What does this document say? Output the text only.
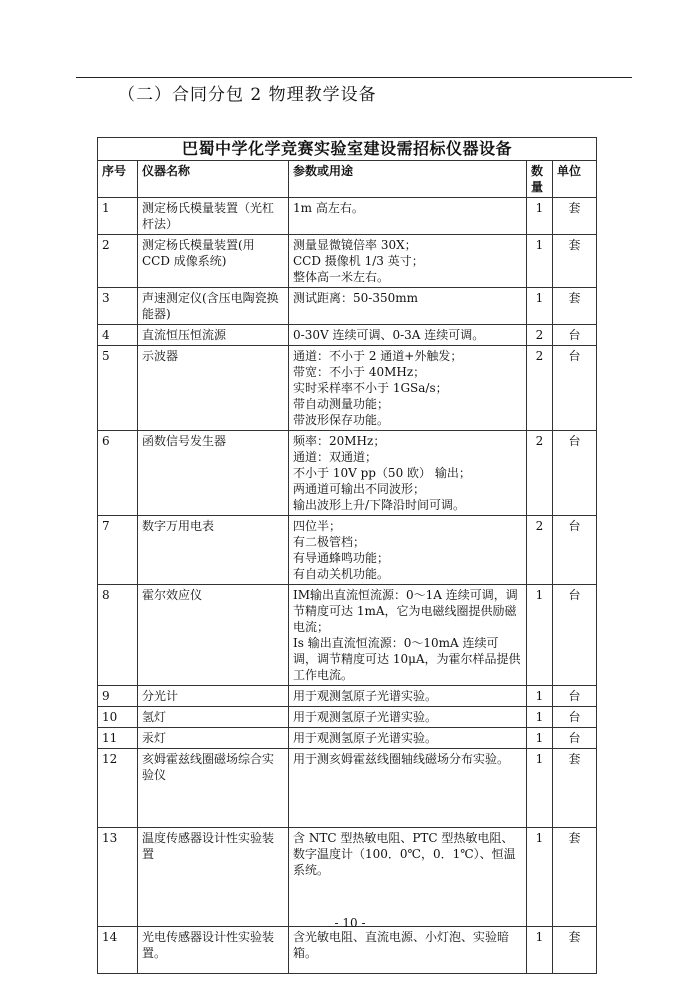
（二）合同分包 2 物理教学设备
巴蜀中学化学竞赛实验室建设需招标仪器设备				
序号	仪器名称	参数或用途	数量	单位
1	测定杨氏模量装置（光杠杆法）	1m 高左右。	1	套
2	测定杨氏模量装置(用 CCD 成像系统)	测量显微镜倍率 30X；
CCD 摄像机 1/3 英寸；
整体高一米左右。	1	套
3	声速测定仪(含压电陶瓷换能器)	测试距离：50-350mm	1	套
4	直流恒压恒流源	0-30V 连续可调、0-3A 连续可调。	2	台
5	示波器	通道：不小于 2 通道+外触发；
带宽：不小于 40MHz；
实时采样率不小于 1GSa/s；
带自动测量功能；
带波形保存功能。	2	台
6	函数信号发生器	频率：20MHz；
通道：双通道；
不小于 10V pp（50 欧） 输出；
两通道可输出不同波形；
输出波形上升/下降沿时间可调。	2	台
7	数字万用电表	四位半；
有二极管档；
有导通蜂鸣功能；
有自动关机功能。	2	台
8	霍尔效应仪	IM输出直流恒流源：0～1A 连续可调，调节精度可达 1mA，它为电磁线圈提供励磁电流；
Is 输出直流恒流源：0～10mA 连续可调，调节精度可达 10μA，为霍尔样品提供工作电流。	1	台
9	分光计	用于观测氢原子光谱实验。	1	台
10	氢灯	用于观测氢原子光谱实验。	1	台
11	汞灯	用于观测氢原子光谱实验。	1	台
12	亥姆霍兹线圈磁场综合实验仪	用于测亥姆霍兹线圈轴线磁场分布实验。	1	套
13	温度传感器设计性实验装置	含 NTC 型热敏电阻、PTC 型热敏电阻、数字温度计（100．0℃，0．1℃）、恒温系统。	1	套
14	光电传感器设计性实验装置。	含光敏电阻、直流电源、小灯泡、实验暗箱。	1	套
- 10 -
